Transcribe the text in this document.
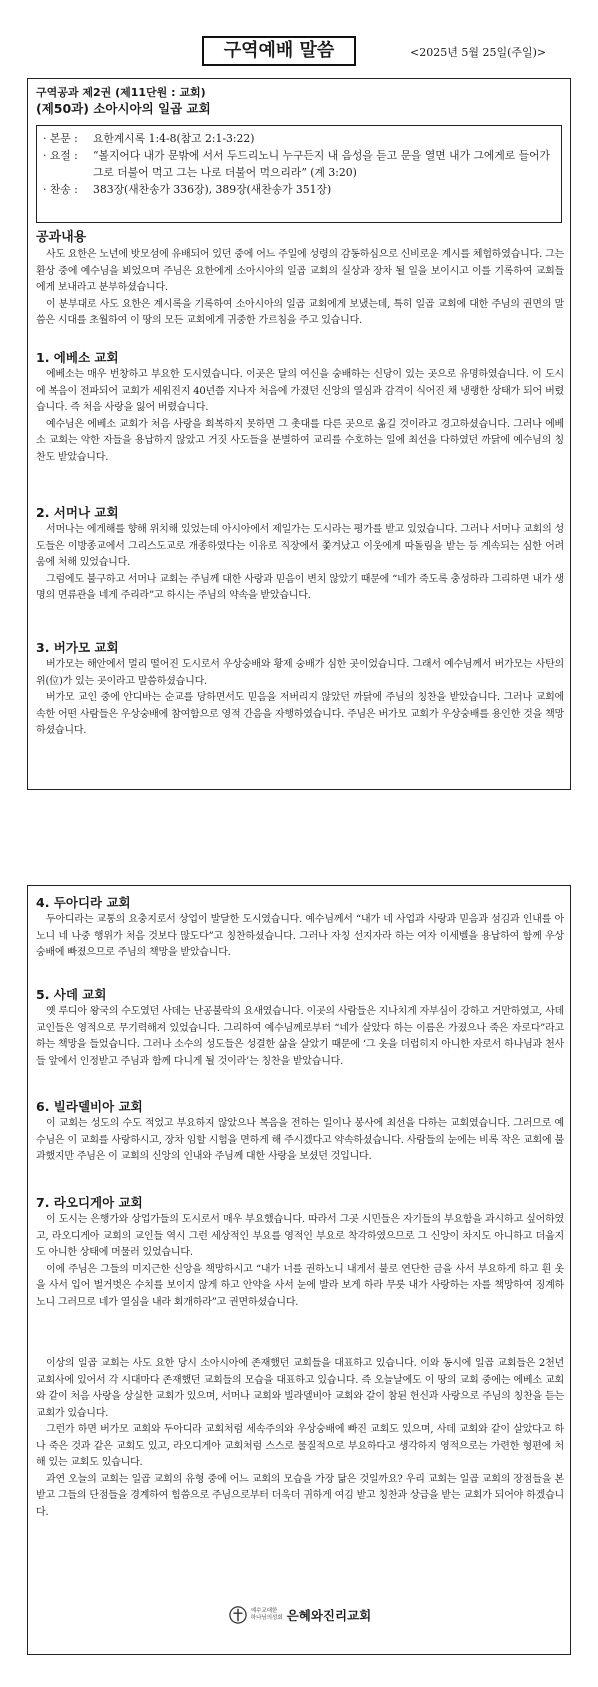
구역예배 말씀	<2025년 5월 25일(주일)>
구역공과 제2권 (제11단원 : 교회)
(제50과) 소아시아의 일곱 교회
· 본문 :	요한계시록 1:4-8(참고 2:1-3:22)
· 요절 :	“볼지어다 내가 문밖에 서서 두드리노니 누구든지 내 음성을 듣고 문을 열면 내가 그에게로 들어가 그로 더불어 먹고 그는 나로 더불어 먹으리라” (계 3:20)
· 찬송 :	383장(새찬송가 336장), 389장(새찬송가 351장)
공과내용

사도 요한은 노년에 밧모섬에 유배되어 있던 중에 어느 주일에 성령의 감동하심으로 신비로운 계시를 체험하였습니다. 그는 환상 중에 예수님을 뵈었으며 주님은 요한에게 소아시아의 일곱 교회의 실상과 장차 될 일을 보이시고 이를 기록하여 교회들에게 보내라고 분부하셨습니다.

이 분부대로 사도 요한은 계시록을 기록하여 소아시아의 일곱 교회에게 보냈는데, 특히 일곱 교회에 대한 주님의 권면의 말씀은 시대를 초월하여 이 땅의 모든 교회에게 귀중한 가르침을 주고 있습니다.

1. 에베소 교회

에베소는 매우 번창하고 부요한 도시였습니다. 이곳은 달의 여신을 숭배하는 신당이 있는 곳으로 유명하였습니다. 이 도시에 복음이 전파되어 교회가 세워진지 40년쯤 지나자 처음에 가졌던 신앙의 열심과 감격이 식어진 채 냉랭한 상태가 되어 버렸습니다. 즉 처음 사랑을 잃어 버렸습니다.

예수님은 에베소 교회가 처음 사랑을 회복하지 못하면 그 촛대를 다른 곳으로 옮길 것이라고 경고하셨습니다. 그러나 에베소 교회는 악한 자들을 용납하지 않았고 거짓 사도들을 분별하여 교리를 수호하는 일에 최선을 다하였던 까닭에 예수님의 칭찬도 받았습니다.

2. 서머나 교회

서머나는 에게해를 향해 위치해 있었는데 아시아에서 제일가는 도시라는 평가를 받고 있었습니다. 그러나 서머나 교회의 성도들은 이방종교에서 그리스도교로 개종하였다는 이유로 직장에서 쫓겨났고 이웃에게 따돌림을 받는 등 계속되는 심한 어려움에 처해 있었습니다.

그럼에도 불구하고 서머나 교회는 주님께 대한 사랑과 믿음이 변치 않았기 때문에 “네가 죽도록 충성하라 그리하면 내가 생명의 면류관을 네게 주리라”고 하시는 주님의 약속을 받았습니다.

3. 버가모 교회

버가모는 해안에서 멀리 떨어진 도시로서 우상숭배와 황제 숭배가 심한 곳이었습니다. 그래서 예수님께서 버가모는 사탄의 위(位)가 있는 곳이라고 말씀하셨습니다.

버가모 교인 중에 안디바는 순교를 당하면서도 믿음을 저버리지 않았던 까닭에 주님의 칭찬을 받았습니다. 그러나 교회에 속한 어떤 사람들은 우상숭배에 참여함으로 영적 간음을 자행하였습니다. 주님은 버가모 교회가 우상숭배를 용인한 것을 책망하셨습니다.

4. 두아디라 교회

두아디라는 교통의 요충지로서 상업이 발달한 도시였습니다. 예수님께서 “내가 네 사업과 사랑과 믿음과 섬김과 인내를 아노니 네 나중 행위가 처음 것보다 많도다”고 칭찬하셨습니다. 그러나 자칭 선지자라 하는 여자 이세벨을 용납하여 함께 우상숭배에 빠졌으므로 주님의 책망을 받았습니다.

5. 사데 교회

옛 루디아 왕국의 수도였던 사데는 난공불락의 요새였습니다. 이곳의 사람들은 지나치게 자부심이 강하고 거만하였고, 사데 교인들은 영적으로 무기력해져 있었습니다. 그리하여 예수님께로부터 “네가 살았다 하는 이름은 가졌으나 죽은 자로다”라고 하는 책망을 들었습니다. 그러나 소수의 성도들은 성결한 삶을 살았기 때문에 ‘그 옷을 더럽히지 아니한 자로서 하나님과 천사들 앞에서 인정받고 주님과 함께 다니게 될 것이라’는 칭찬을 받았습니다.

6. 빌라델비아 교회

이 교회는 성도의 수도 적었고 부요하지 않았으나 복음을 전하는 일이나 봉사에 최선을 다하는 교회였습니다. 그러므로 예수님은 이 교회를 사랑하시고, 장차 임할 시험을 면하게 해 주시겠다고 약속하셨습니다. 사람들의 눈에는 비록 작은 교회에 불과했지만 주님은 이 교회의 신앙의 인내와 주님께 대한 사랑을 보셨던 것입니다.

7. 라오디게아 교회

이 도시는 은행가와 상업가들의 도시로서 매우 부요했습니다. 따라서 그곳 시민들은 자기들의 부요함을 과시하고 싶어하였고, 라오디게아 교회의 교인들 역시 그런 세상적인 부요를 영적인 부요로 착각하였으므로 그 신앙이 차지도 아니하고 더웁지도 아니한 상태에 머물러 있었습니다.

이에 주님은 그들의 미지근한 신앙을 책망하시고 “내가 너를 권하노니 내게서 불로 연단한 금을 사서 부요하게 하고 흰 옷을 사서 입어 벌거벗은 수치를 보이지 않게 하고 안약을 사서 눈에 발라 보게 하라 무릇 내가 사랑하는 자를 책망하여 징계하노니 그러므로 네가 열심을 내라 회개하라”고 권면하셨습니다.

이상의 일곱 교회는 사도 요한 당시 소아시아에 존재했던 교회들을 대표하고 있습니다. 이와 동시에 일곱 교회들은 2천년 교회사에 있어서 각 시대마다 존재했던 교회들의 모습을 대표하고 있습니다. 즉 오늘날에도 이 땅의 교회 중에는 에베소 교회와 같이 처음 사랑을 상실한 교회가 있으며, 서머나 교회와 빌라델비아 교회와 같이 참된 헌신과 사랑으로 주님의 칭찬을 듣는 교회가 있습니다.

그런가 하면 버가모 교회와 두아디라 교회처럼 세속주의와 우상숭배에 빠진 교회도 있으며, 사데 교회와 같이 살았다고 하나 죽은 것과 같은 교회도 있고, 라오디게아 교회처럼 스스로 물질적으로 부요하다고 생각하지 영적으로는 가련한 형편에 처해 있는 교회도 있습니다.

과연 오늘의 교회는 일곱 교회의 유형 중에 어느 교회의 모습을 가장 닮은 것일까요? 우리 교회는 일곱 교회의 장점들을 본받고 그들의 단점들을 경계하여 힘씀으로 주님으로부터 더욱더 귀하게 여김 받고 칭찬과 상급을 받는 교회가 되어야 하겠습니다.

예수교대한
하나님의성회 은혜와진리교회
